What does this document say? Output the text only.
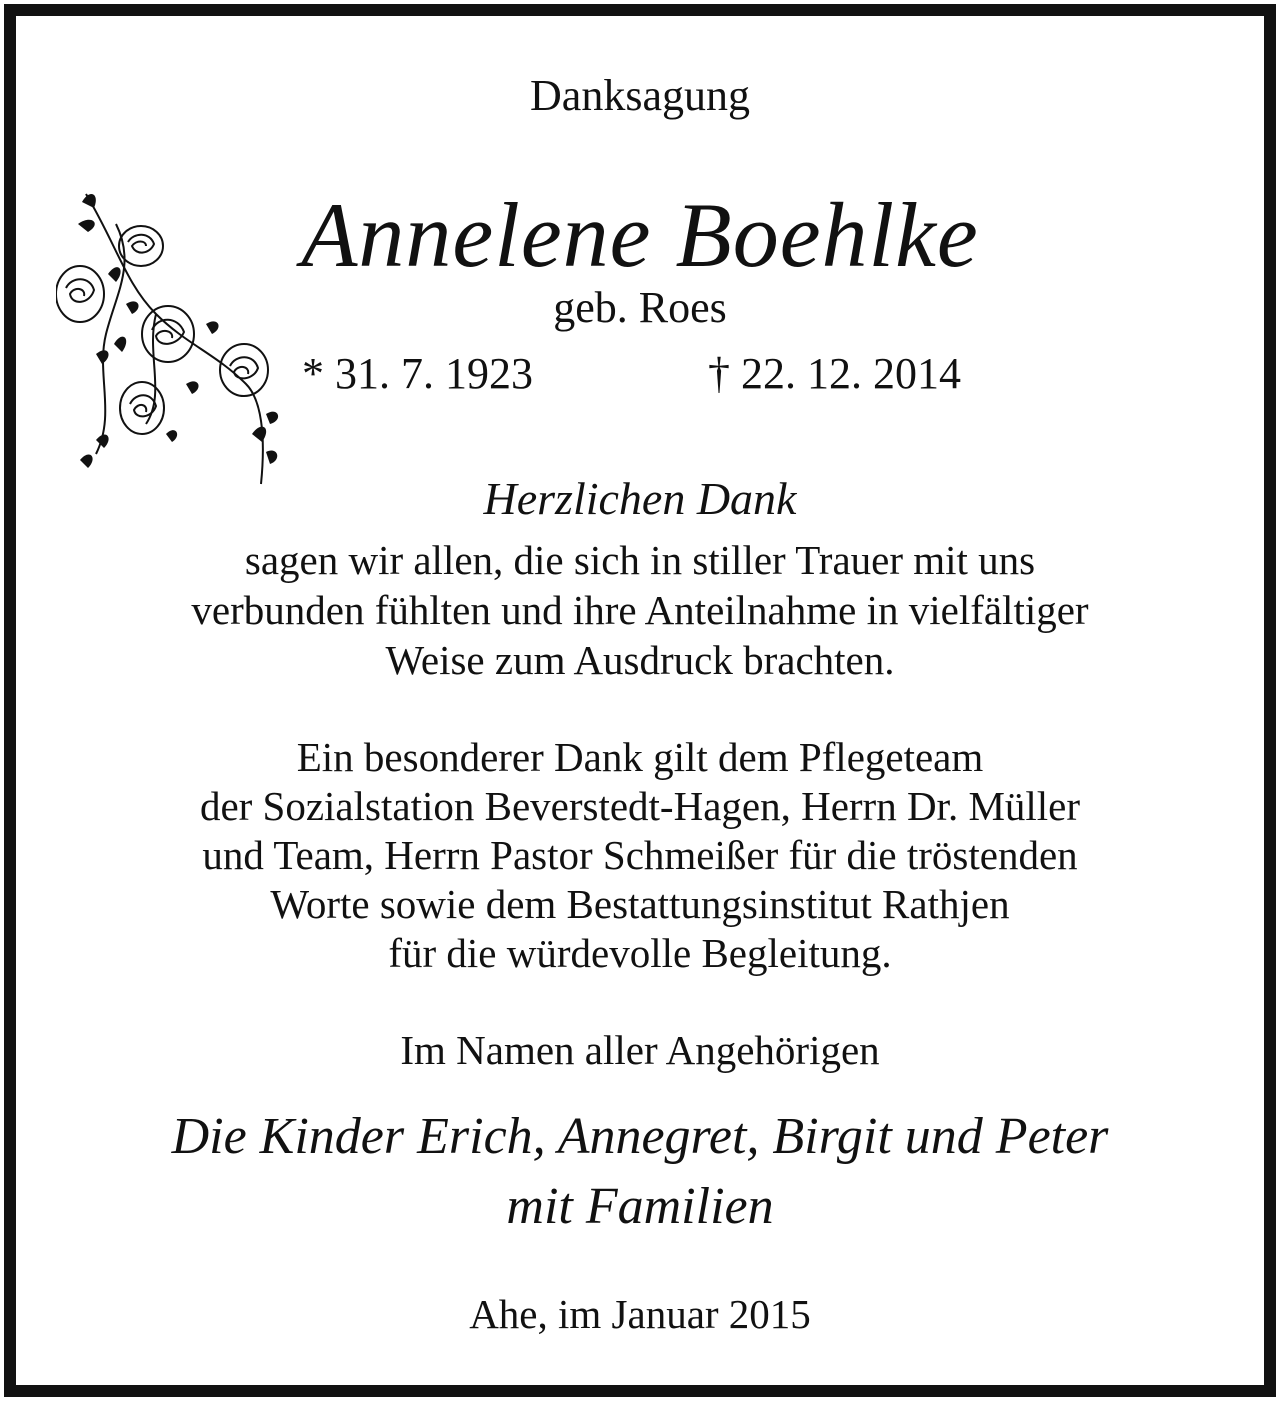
Danksagung
Annelene Boehlke
geb. Roes
* 31. 7. 1923	† 22. 12. 2014
Herzlichen Dank
sagen wir allen, die sich in stiller Trauer mit uns
verbunden fühlten und ihre Anteilnahme in vielfältiger
Weise zum Ausdruck brachten.
Ein besonderer Dank gilt dem Pflegeteam
der Sozialstation Beverstedt-Hagen, Herrn Dr. Müller
und Team, Herrn Pastor Schmeißer für die tröstenden
Worte sowie dem Bestattungsinstitut Rathjen
für die würdevolle Begleitung.
Im Namen aller Angehörigen
Die Kinder Erich, Annegret, Birgit und Peter
mit Familien
Ahe, im Januar 2015
